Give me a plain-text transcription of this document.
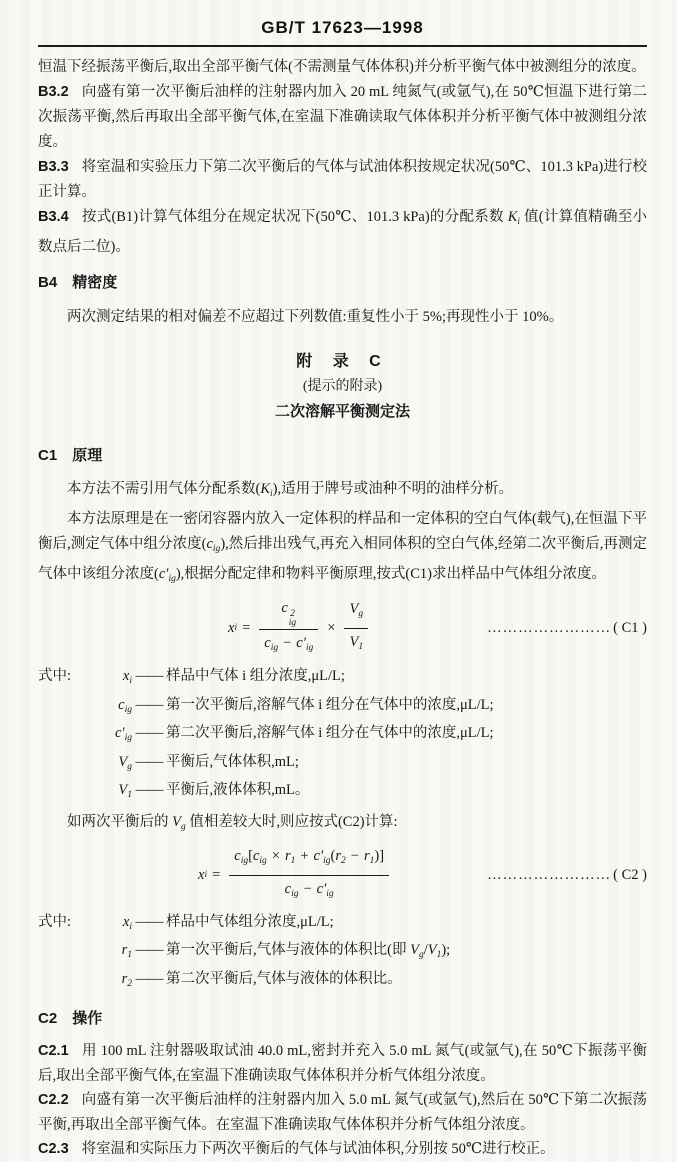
GB/T 17623—1998

恒温下经振荡平衡后,取出全部平衡气体(不需测量气体体积)并分析平衡气体中被测组分的浓度。

B3.2 向盛有第一次平衡后油样的注射器内加入 20 mL 纯氮气(或氩气),在 50℃恒温下进行第二次振荡平衡,然后再取出全部平衡气体,在室温下准确读取气体体积并分析平衡气体中被测组分浓度。

B3.3 将室温和实验压力下第二次平衡后的气体与试油体积按规定状况(50℃、101.3 kPa)进行校正计算。

B3.4 按式(B1)计算气体组分在规定状况下(50℃、101.3 kPa)的分配系数 $K_i$ 值(计算值精确至小数点后二位)。

B4 精密度

两次测定结果的相对偏差不应超过下列数值:重复性小于 5%;再现性小于 10%。

附 录 C
(提示的附录)
二次溶解平衡测定法
C1 原理

本方法不需引用气体分配系数$(K_i)$,适用于牌号或油种不明的油样分析。

本方法原理是在一密闭容器内放入一定体积的样品和一定体积的空白气体(载气),在恒温下平衡后,测定气体中组分浓度$(c_{ig})$,然后排出残气,再充入相同体积的空白气体,经第二次平衡后,再测定气体中该组分浓度$(c'_{ig})$,根据分配定律和物料平衡原理,按式(C1)求出样品中气体组分浓度。

x i = c 2
ig
$c_{ig} - c'_{ig} \times \frac{V_g}{V_1}$	…………………… ( C1 )
式中:	$x_i$ —— 样品中气体 i 组分浓度,μL/L;
$c_{ig}$ —— 第一次平衡后,溶解气体 i 组分在气体中的浓度,μL/L;
$c'_{ig}$ —— 第二次平衡后,溶解气体 i 组分在气体中的浓度,μL/L;
$V_g$ —— 平衡后,气体体积,mL;
$V_1$ —— 平衡后,液体体积,mL。

如两次平衡后的 $V_g$ 值相差较大时,则应按式(C2)计算:

x $i = \frac{c_{ig}[c_{ig} \times r_1 + c'_{ig}(r_2 - r_1)]}{c_{ig} - c'_{ig}}$	…………………… ( C2 )
式中:	$x_i$ —— 样品中气体组分浓度,μL/L;
$r_1$ —— 第一次平衡后,气体与液体的体积比(即 $V_g/V_1$);
$r_2$ —— 第二次平衡后,气体与液体的体积比。
C2 操作

C2.1 用 100 mL 注射器吸取试油 40.0 mL,密封并充入 5.0 mL 氮气(或氩气),在 50℃下振荡平衡后,取出全部平衡气体,在室温下准确读取气体体积并分析气体组分浓度。

C2.2 向盛有第一次平衡后油样的注射器内加入 5.0 mL 氮气(或氩气),然后在 50℃下第二次振荡平衡,再取出全部平衡气体。在室温下准确读取气体体积并分析气体组分浓度。

C2.3 将室温和实际压力下两次平衡后的气体与试油体积,分别按 50℃进行校正。
